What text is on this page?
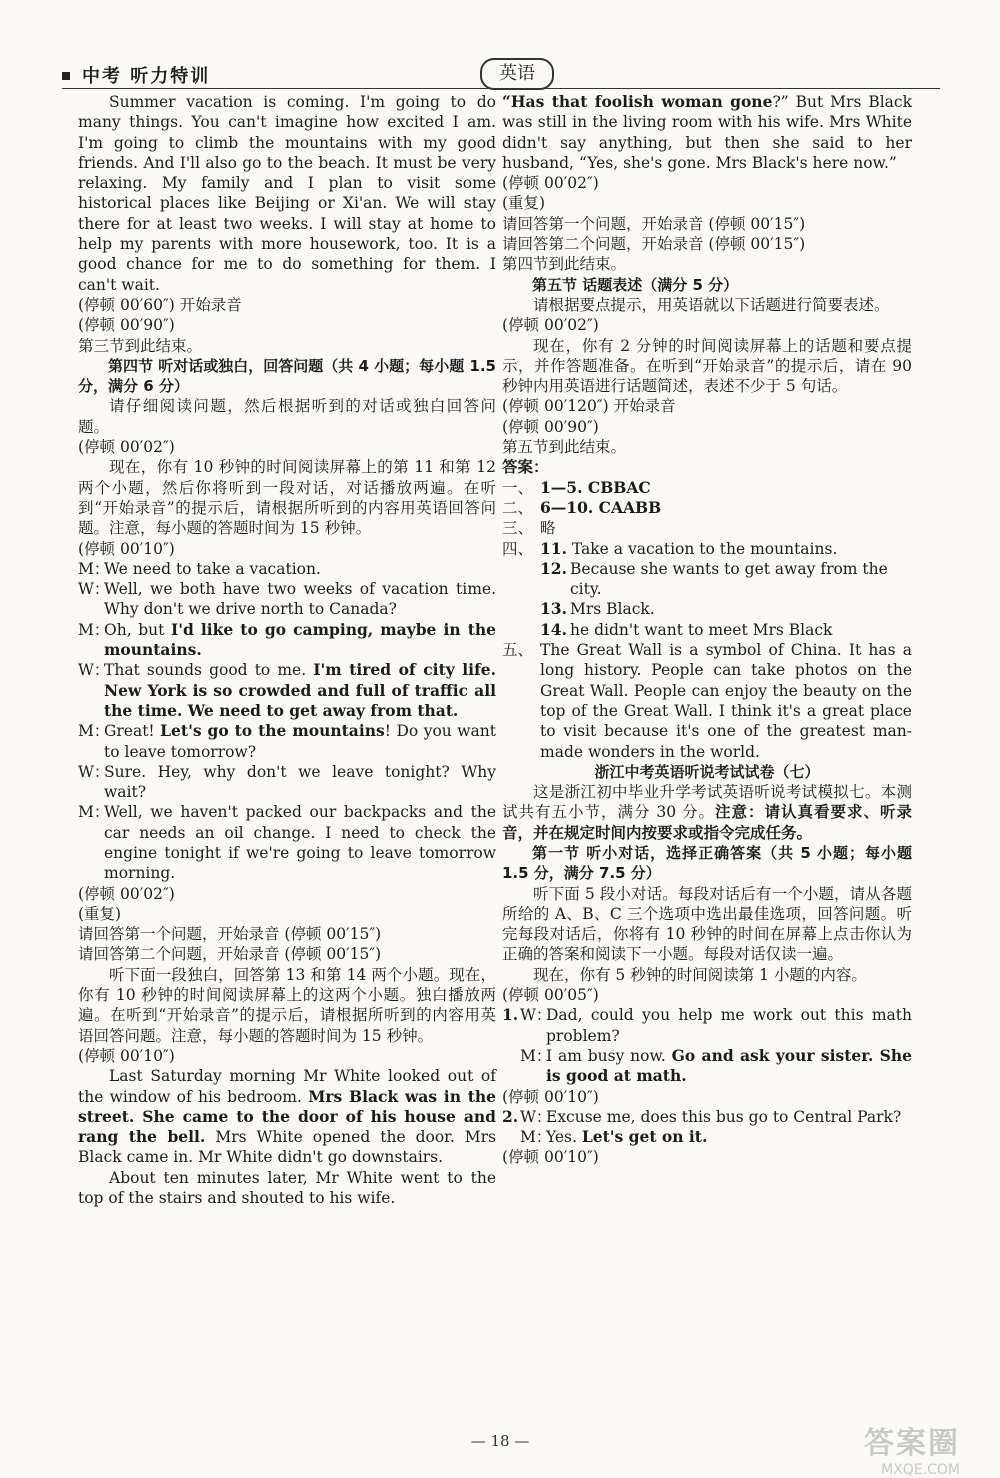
中考 听力特训	英语

Summer vacation is coming. I'm going to do many things. You can't imagine how excited I am. I'm going to climb the mountains with my good friends. And I'll also go to the beach. It must be very relaxing. My family and I plan to visit some historical places like Beijing or Xi'an. We will stay there for at least two weeks. I will stay at home to help my parents with more housework, too. It is a good chance for me to do something for them. I can't wait.

(停顿 00′60″) 开始录音

(停顿 00′90″)

第三节到此结束。

第四节 听对话或独白，回答问题（共 4 小题；每小题 1.5 分，满分 6 分）

请仔细阅读问题，然后根据听到的对话或独白回答问题。

(停顿 00′02″)

现在，你有 10 秒钟的时间阅读屏幕上的第 11 和第 12 两个小题，然后你将听到一段对话，对话播放两遍。在听到“开始录音”的提示后，请根据所听到的内容用英语回答问题。注意，每小题的答题时间为 15 秒钟。

(停顿 00′10″)

M：
We need to take a vacation.
W：
Well, we both have two weeks of vacation time. Why don't we drive north to Canada?
M：
Oh, but I'd like to go camping, maybe in the mountains.
W：
That sounds good to me. I'm tired of city life. New York is so crowded and full of traffic all the time. We need to get away from that.
M：
Great! Let's go to the mountains! Do you want to leave tomorrow?
W：
Sure. Hey, why don't we leave tonight? Why wait?
M：
Well, we haven't packed our backpacks and the car needs an oil change. I need to check the engine tonight if we're going to leave tomorrow morning.

(停顿 00′02″)

(重复)

请回答第一个问题，开始录音 (停顿 00′15″)

请回答第二个问题，开始录音 (停顿 00′15″)

听下面一段独白，回答第 13 和第 14 两个小题。现在，你有 10 秒钟的时间阅读屏幕上的这两个小题。独白播放两遍。在听到“开始录音”的提示后，请根据所听到的内容用英语回答问题。注意，每小题的答题时间为 15 秒钟。

(停顿 00′10″)

Last Saturday morning Mr White looked out of the window of his bedroom. Mrs Black was in the street. She came to the door of his house and rang the bell. Mrs White opened the door. Mrs Black came in. Mr White didn't go downstairs.

About ten minutes later, Mr White went to the top of the stairs and shouted to his wife.

“Has that foolish woman gone?” But Mrs Black was still in the living room with his wife. Mrs White didn't say anything, but then she said to her husband, “Yes, she's gone. Mrs Black's here now.”

(停顿 00′02″)

(重复)

请回答第一个问题，开始录音 (停顿 00′15″)

请回答第二个问题，开始录音 (停顿 00′15″)

第四节到此结束。

第五节 话题表述（满分 5 分）

请根据要点提示，用英语就以下话题进行简要表述。

(停顿 00′02″)

现在，你有 2 分钟的时间阅读屏幕上的话题和要点提示，并作答题准备。在听到“开始录音”的提示后，请在 90 秒钟内用英语进行话题简述，表述不少于 5 句话。

(停顿 00′120″) 开始录音

(停顿 00′90″)

第五节到此结束。

答案：

一、 1—5. CBBAC
二、 6—10. CAABB
三、 略
四、 11. Take a vacation to the mountains.
12. Because she wants to get away from the city.
13. Mrs Black.
14. he didn't want to meet Mrs Black
五、 The Great Wall is a symbol of China. It has a long history. People can take photos on the Great Wall. People can enjoy the beauty on the top of the Great Wall. I think it's a great place to visit because it's one of the greatest man-made wonders in the world.

浙江中考英语听说考试试卷（七）

这是浙江初中毕业升学考试英语听说考试模拟七。本测试共有五小节，满分 30 分。注意：请认真看要求、听录音，并在规定时间内按要求或指令完成任务。

第一节 听小对话，选择正确答案（共 5 小题；每小题 1.5 分，满分 7.5 分）

听下面 5 段小对话。每段对话后有一个小题，请从各题所给的 A、B、C 三个选项中选出最佳选项，回答问题。听完每段对话后，你将有 10 秒钟的时间在屏幕上点击你认为正确的答案和阅读下一小题。每段对话仅读一遍。

现在，你有 5 秒钟的时间阅读第 1 小题的内容。

(停顿 00′05″)

1. W：
Dad, could you help me work out this math problem?
M：
I am busy now. Go and ask your sister. She is good at math.

(停顿 00′10″)

2. W：
Excuse me, does this bus go to Central Park?
M：
Yes. Let's get on it.

(停顿 00′10″)

— 18 —	答案圈
MXQE.COM
